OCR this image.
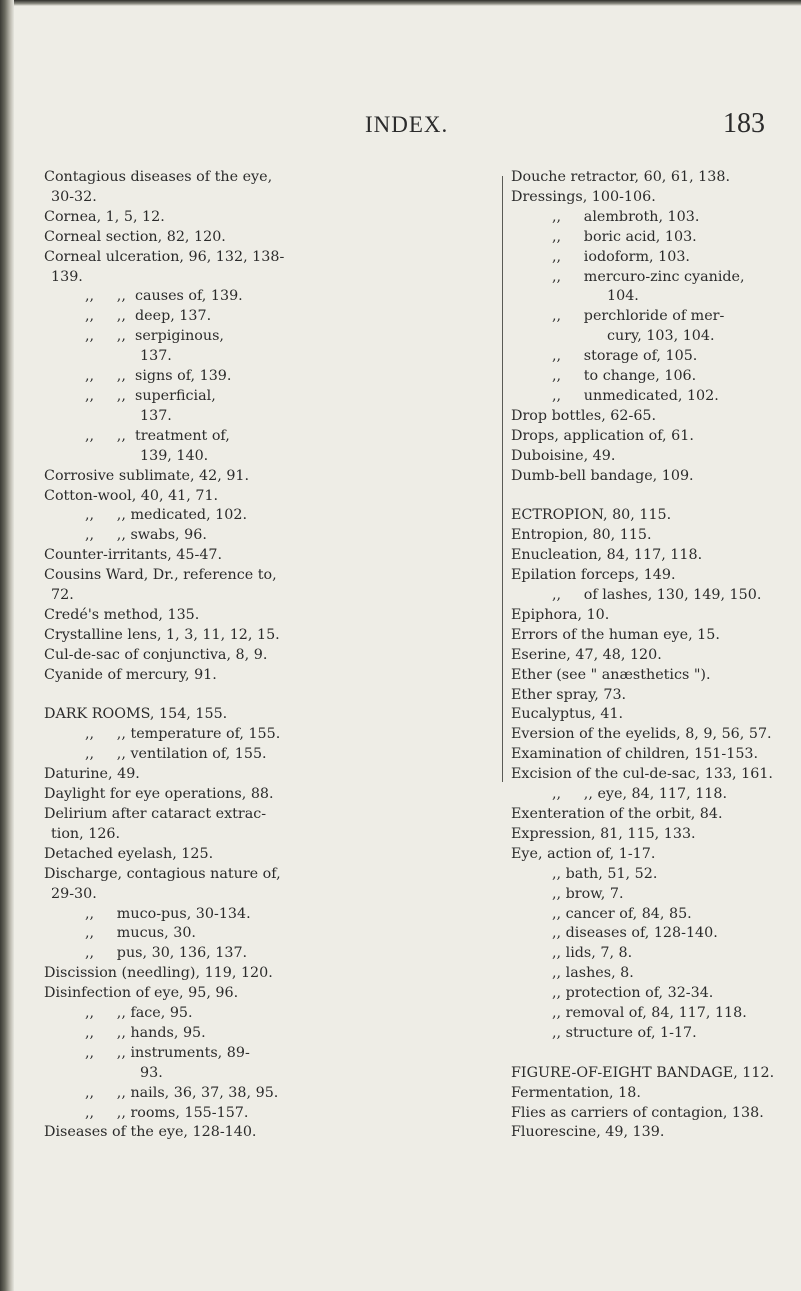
INDEX.	183
Contagious diseases of the eye,
30-32.
Cornea, 1, 5, 12.
Corneal section, 82, 120.
Corneal ulceration, 96, 132, 138-
139.
,,     ,,  causes of, 139.
,,     ,,  deep, 137.
,,     ,,  serpiginous,
137.
,,     ,,  signs of, 139.
,,     ,,  superficial,
137.
,,     ,,  treatment of,
139, 140.
Corrosive sublimate, 42, 91.
Cotton-wool, 40, 41, 71.
,,     ,, medicated, 102.
,,     ,, swabs, 96.
Counter-irritants, 45-47.
Cousins Ward, Dr., reference to,
72.
Credé's method, 135.
Crystalline lens, 1, 3, 11, 12, 15.
Cul-de-sac of conjunctiva, 8, 9.
Cyanide of mercury, 91.
DARK ROOMS, 154, 155.
,,     ,, temperature of, 155.
,,     ,, ventilation of, 155.
Daturine, 49.
Daylight for eye operations, 88.
Delirium after cataract extrac-
tion, 126.
Detached eyelash, 125.
Discharge, contagious nature of,
29-30.
,,     muco-pus, 30-134.
,,     mucus, 30.
,,     pus, 30, 136, 137.
Discission (needling), 119, 120.
Disinfection of eye, 95, 96.
,,     ,, face, 95.
,,     ,, hands, 95.
,,     ,, instruments, 89-
93.
,,     ,, nails, 36, 37, 38, 95.
,,     ,, rooms, 155-157.
Diseases of the eye, 128-140.
Douche retractor, 60, 61, 138.
Dressings, 100-106.
,,     alembroth, 103.
,,     boric acid, 103.
,,     iodoform, 103.
,,     mercuro-zinc cyanide,
104.
,,     perchloride of mer-
cury, 103, 104.
,,     storage of, 105.
,,     to change, 106.
,,     unmedicated, 102.
Drop bottles, 62-65.
Drops, application of, 61.
Duboisine, 49.
Dumb-bell bandage, 109.
ECTROPION, 80, 115.
Entropion, 80, 115.
Enucleation, 84, 117, 118.
Epilation forceps, 149.
,,     of lashes, 130, 149, 150.
Epiphora, 10.
Errors of the human eye, 15.
Eserine, 47, 48, 120.
Ether (see " anæsthetics ").
Ether spray, 73.
Eucalyptus, 41.
Eversion of the eyelids, 8, 9, 56, 57.
Examination of children, 151-153.
Excision of the cul-de-sac, 133, 161.
,,     ,, eye, 84, 117, 118.
Exenteration of the orbit, 84.
Expression, 81, 115, 133.
Eye, action of, 1-17.
,, bath, 51, 52.
,, brow, 7.
,, cancer of, 84, 85.
,, diseases of, 128-140.
,, lids, 7, 8.
,, lashes, 8.
,, protection of, 32-34.
,, removal of, 84, 117, 118.
,, structure of, 1-17.
FIGURE-OF-EIGHT BANDAGE, 112.
Fermentation, 18.
Flies as carriers of contagion, 138.
Fluorescine, 49, 139.
